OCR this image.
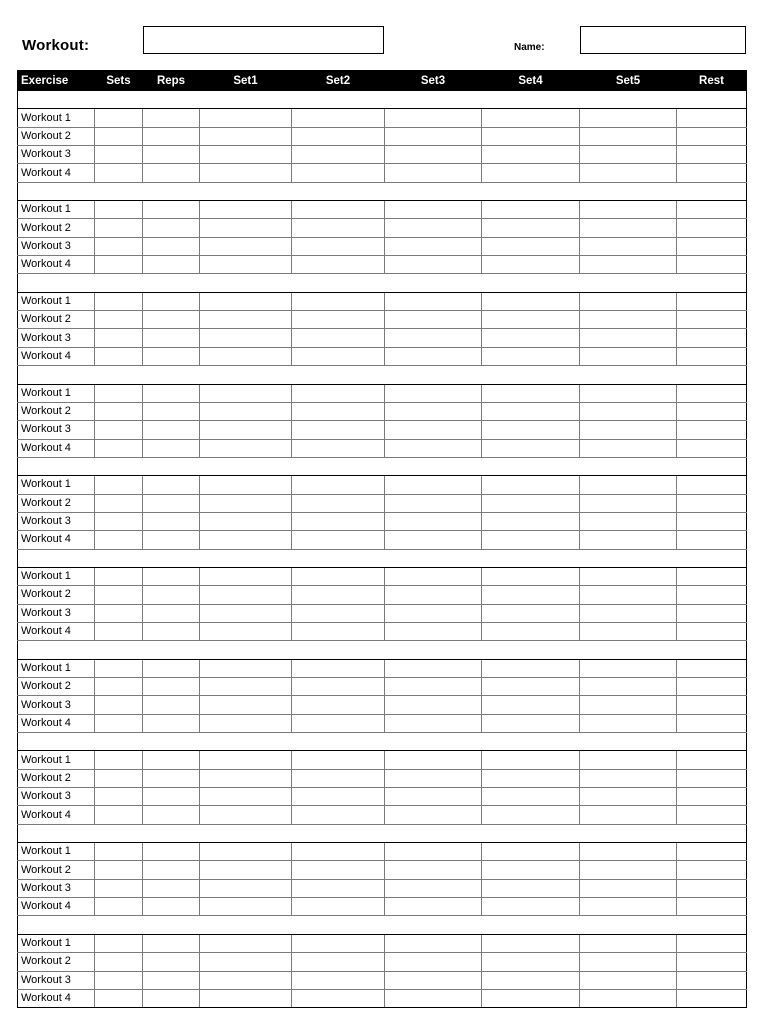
Workout:	Name:
Exercise	Sets	Reps	Set1	Set2	Set3	Set4	Set5	Rest

Workout 1								
Workout 2								
Workout 3								
Workout 4								

Workout 1								
Workout 2								
Workout 3								
Workout 4								

Workout 1								
Workout 2								
Workout 3								
Workout 4								

Workout 1								
Workout 2								
Workout 3								
Workout 4								

Workout 1								
Workout 2								
Workout 3								
Workout 4								

Workout 1								
Workout 2								
Workout 3								
Workout 4								

Workout 1								
Workout 2								
Workout 3								
Workout 4								

Workout 1								
Workout 2								
Workout 3								
Workout 4								

Workout 1								
Workout 2								
Workout 3								
Workout 4								

Workout 1								
Workout 2								
Workout 3								
Workout 4								
